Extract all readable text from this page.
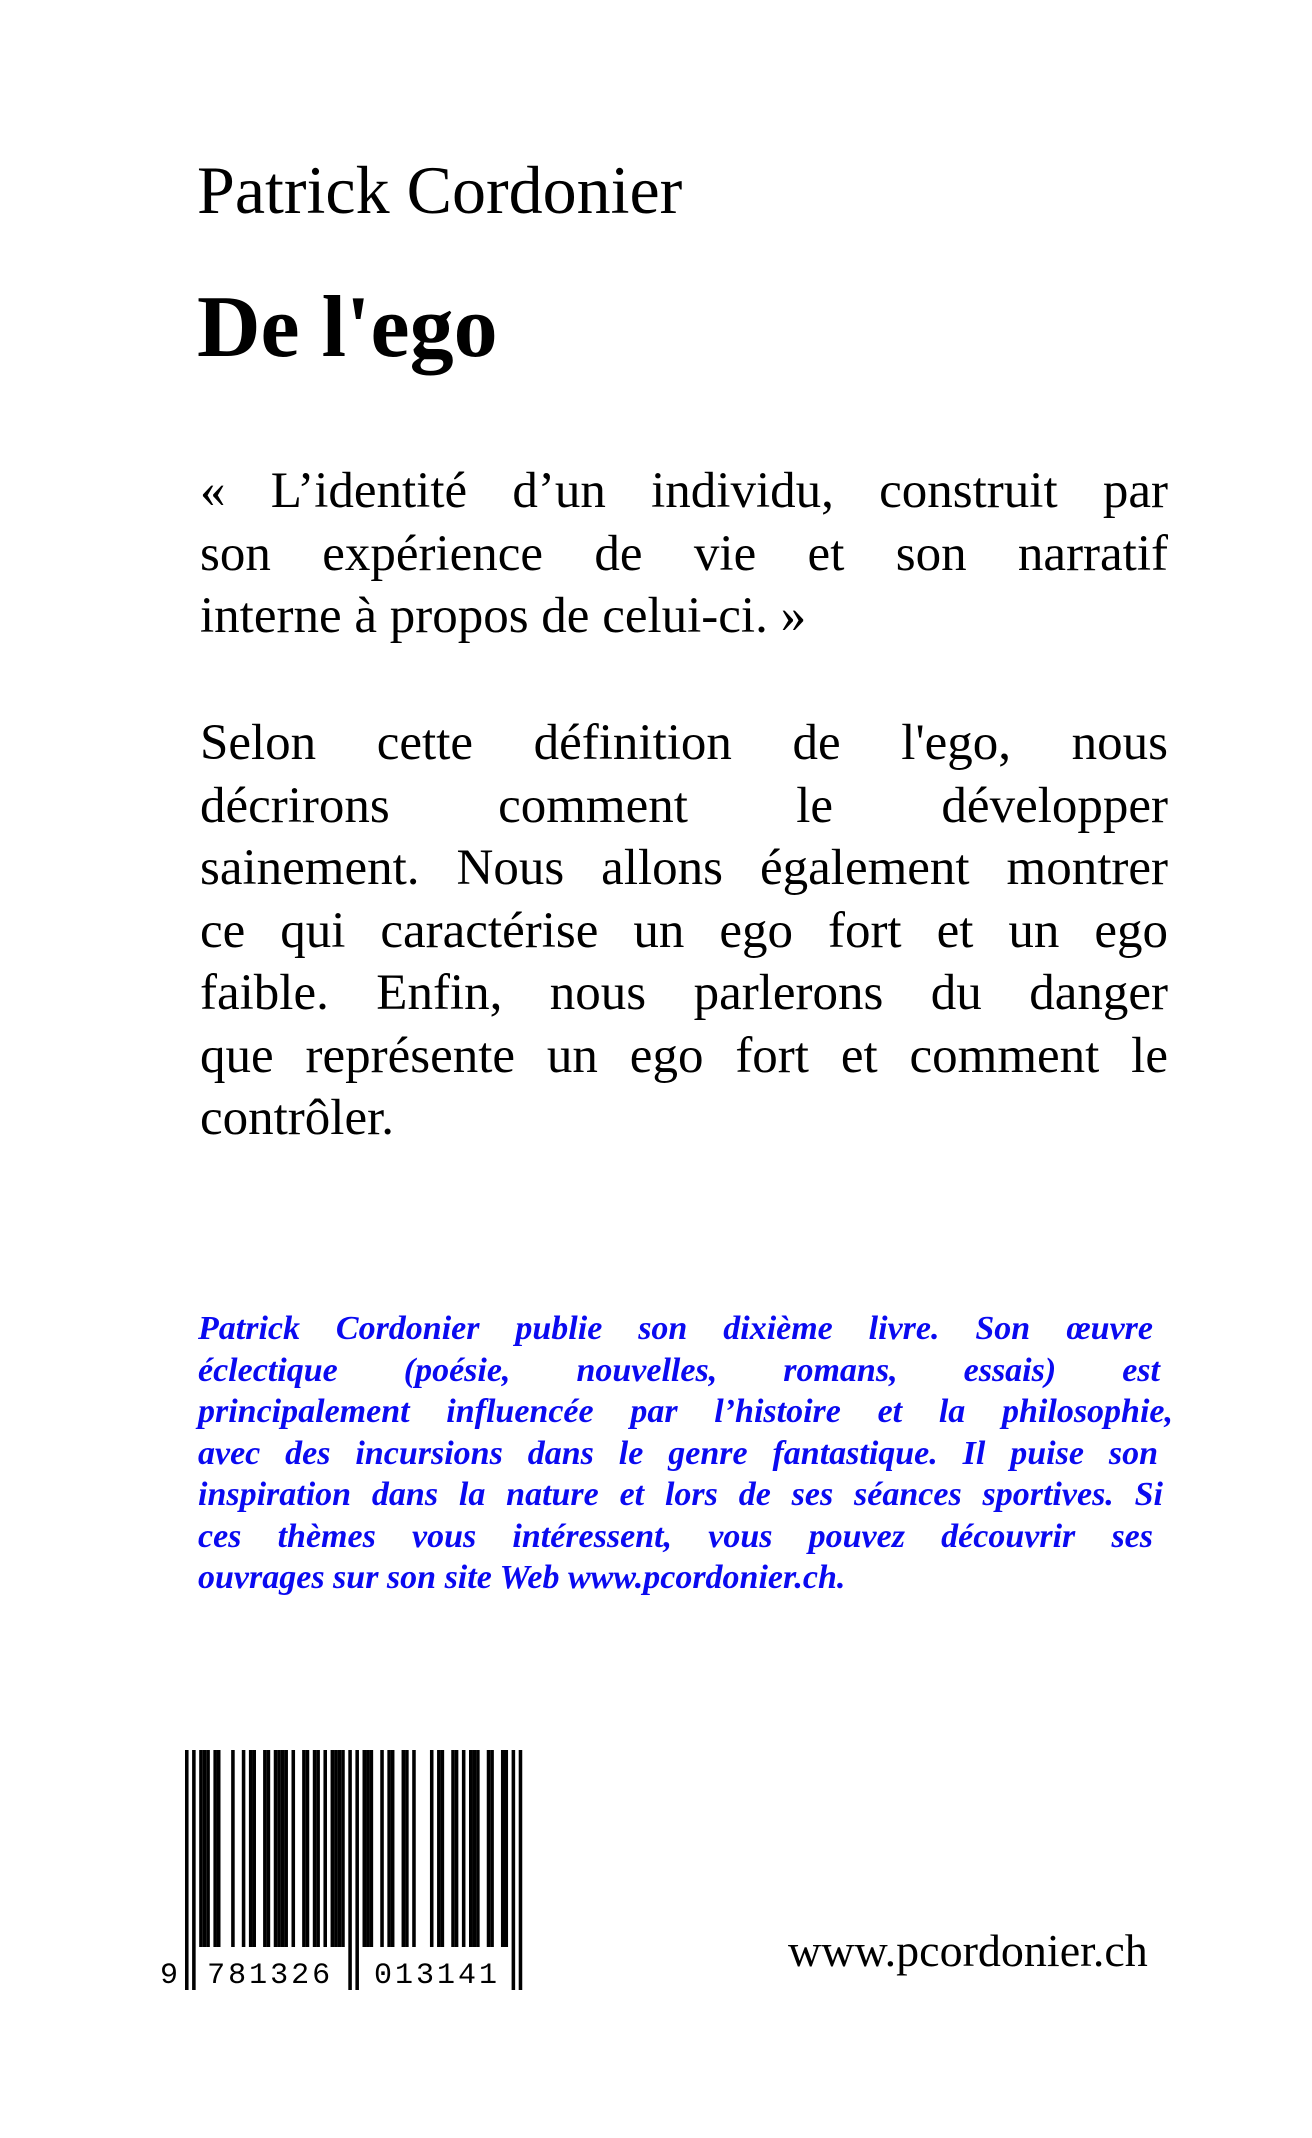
Patrick Cordonier
De l'ego
« L’identité d’un individu, construit par
son expérience de vie et son narratif
interne à propos de celui-ci. »
Selon cette définition de l'ego, nous
décrirons comment le développer
sainement. Nous allons également montrer
ce qui caractérise un ego fort et un ego
faible. Enfin, nous parlerons du danger
que représente un ego fort et comment le
contrôler.
Patrick Cordonier publie son dixième livre. Son œuvre
éclectique (poésie, nouvelles, romans, essais) est
principalement influencée par l’histoire et la philosophie,
avec des incursions dans le genre fantastique. Il puise son
inspiration dans la nature et lors de ses séances sportives. Si
ces thèmes vous intéressent, vous pouvez découvrir ses
ouvrages sur son site Web www.pcordonier.ch.
9 781326 013141	www.pcordonier.ch
